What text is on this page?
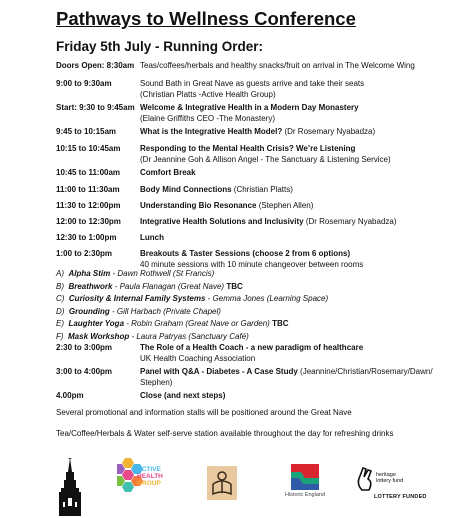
Pathways to Wellness Conference
Friday 5th July - Running Order:
Doors Open: 8:30am Teas/coffees/herbals and healthy snacks/fruit on arrival in The Welcome Wing
9:00 to 9:30am	Sound Bath in Great Nave as guests arrive and take their seats
(Christian Platts -Active Health Group)
Start: 9:30 to 9:45am Welcome & Integrative Health in a Modern Day Monastery
(Elaine Griffiths CEO -The Monastery)
9:45 to 10:15am	What is the Integrative Health Model? (Dr Rosemary Nyabadza)
10:15 to 10:45am Responding to the Mental Health Crisis? We’re Listening
(Dr Jeannine Goh & Allison Angel - The Sanctuary & Listening Service)
10:45 to 11:00am Comfort Break
11:00 to 11:30am	Body Mind Connections (Christian Platts)
11:30 to 12:00pm Understanding Bio Resonance (Stephen Allen)
12:00 to 12:30pm Integrative Health Solutions and Inclusivity (Dr Rosemary Nyabadza)
12:30 to 1:00pm	Lunch
1:00 to 2:30pm	Breakouts & Taster Sessions (choose 2 from 6 options)
40 minute sessions with 10 minute changeover between rooms
A) Alpha Stim - Dawn Rothwell (St Francis)
B) Breathwork - Paula Flanagan (Great Nave) TBC
C) Curiosity & Internal Family Systems - Gemma Jones (Learning Space)
D) Grounding - Gill Harbach (Private Chapel)
E) Laughter Yoga - Robin Graham (Great Nave or Garden) TBC
F) Mask Workshop - Laura Patryas (Sanctuary Café)
2:30 to 3:00pm	The Role of a Health Coach - a new paradigm of healthcare
UK Health Coaching Association
3:00 to 4:00pm	Panel with Q&A - Diabetes - A Case Study (Jeannine/Christian/Rosemary/Dawn/
Stephen)
4.00pm	Close (and next steps)
Several promotional and information stalls will be positioned around the Great Nave
Tea/Coffee/Herbals & Water self-serve station available throughout the day for refreshing drinks
ACTIVE
HEALTH
GROUP
Historic England
heritage
lottery fund
LOTTERY FUNDED
